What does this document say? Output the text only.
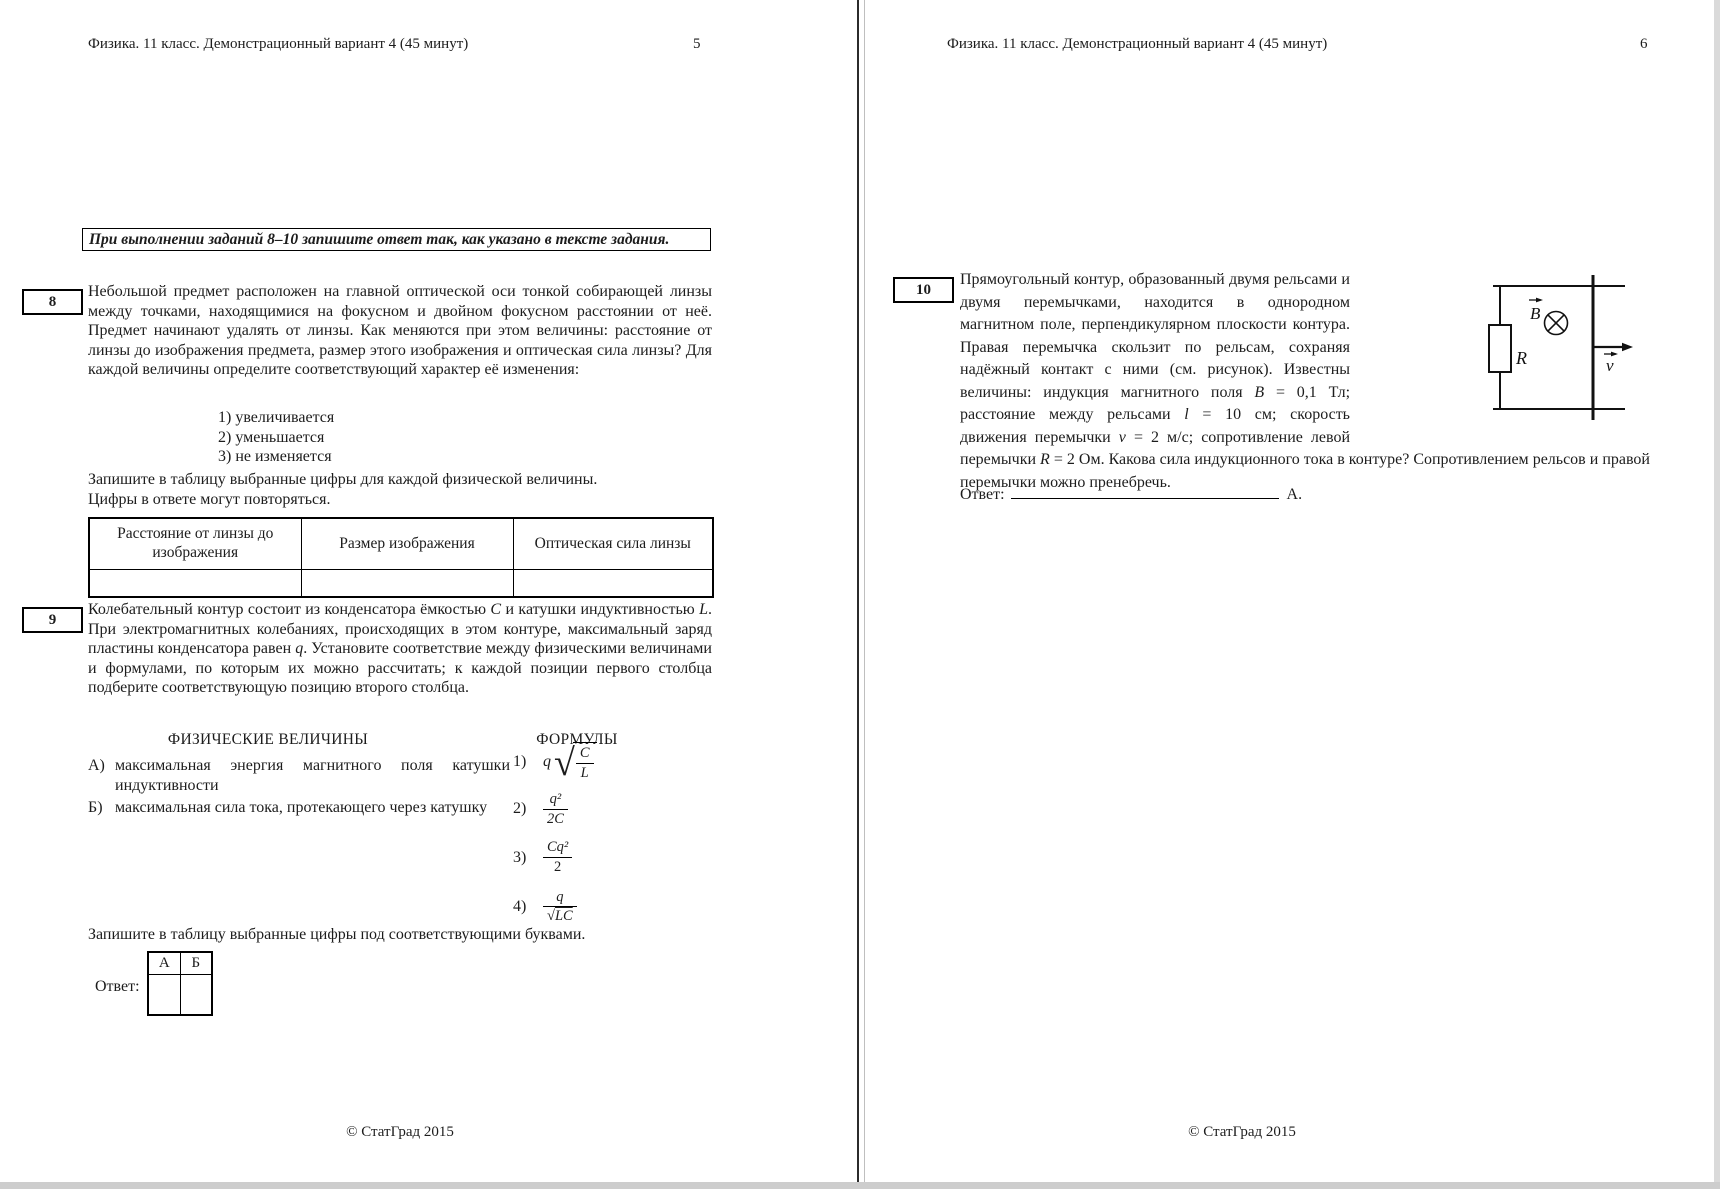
Физика. 11 класс. Демонстрационный вариант 4 (45 минут)	5
При выполнении заданий 8–10 запишите ответ так, как указано в тексте задания.
8
Небольшой предмет расположен на главной оптической оси тонкой собирающей линзы между точками, находящимися на фокусном и двойном фокусном расстоянии от неё. Предмет начинают удалять от линзы. Как меняются при этом величины: расстояние от линзы до изображения предмета, размер этого изображения и оптическая сила линзы? Для каждой величины определите соответствующий характер её изменения:
1) увеличивается
2) уменьшается
3) не изменяется
Запишите в таблицу выбранные цифры для каждой физической величины.
Цифры в ответе могут повторяться.
Расстояние от линзы до изображения	Размер изображения	Оптическая сила линзы

9
Колебательный контур состоит из конденсатора ёмкостью C и катушки индуктивностью L. При электромагнитных колебаниях, происходящих в этом контуре, максимальный заряд пластины конденсатора равен q. Установите соответствие между физическими величинами и формулами, по которым их можно рассчитать; к каждой позиции первого столбца подберите соответствующую позицию второго столбца.
ФИЗИЧЕСКИЕ ВЕЛИЧИНЫ	ФОРМУЛЫ
А) максимальная энергия магнитного поля катушки индуктивности
Б) максимальная сила тока, протекающего через катушку
1)	q √ $\frac{C}{L}$
2)	$\frac{\text{q²}}{2C}$
3)	$\frac{\text{Cq²}}{2}$
4)	$\frac{q}{√LC}$
Запишите в таблицу выбранные цифры под соответствующими буквами.
Ответ:
А	Б

© СтатГрад 2015
Физика. 11 класс. Демонстрационный вариант 4 (45 минут)	6
10
B
v
R
Прямоугольный контур, образованный двумя рельсами и двумя перемычками, находится в однородном магнитном поле, перпендикулярном плоскости контура. Правая перемычка скользит по рельсам, сохраняя надёжный контакт с ними (см. рисунок). Известны величины: индукция магнитного поля B = 0,1 Тл; расстояние между рельсами l = 10 см; скорость движения перемычки v = 2 м/с; сопротивление левой перемычки R = 2 Ом. Какова сила индукционного тока в контуре? Сопротивлением рельсов и правой перемычки можно пренебречь.
Ответ:	А.
© СтатГрад 2015
